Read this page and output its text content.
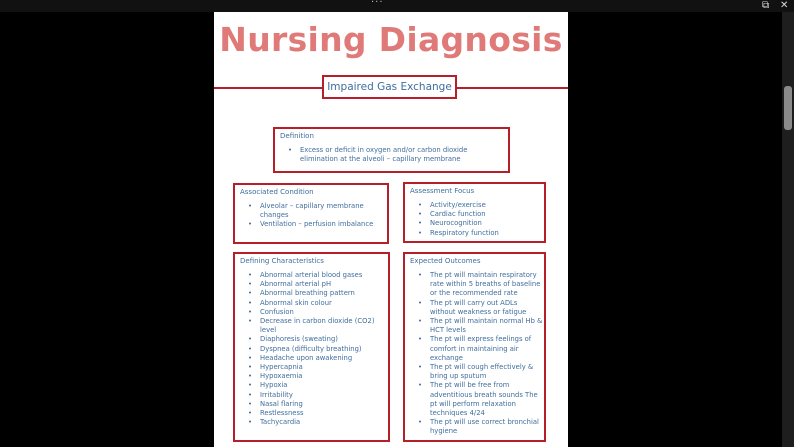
···	⧉ ✕
Nursing Diagnosis
Impaired Gas Exchange
Definition
• Excess or deficit in oxygen and/or carbon dioxide elimination at the alveoli – capillary membrane
Associated Condition
• Alveolar – capillary membrane changes
• Ventilation – perfusion imbalance
Assessment Focus
• Activity/exercise
• Cardiac function
• Neurocognition
• Respiratory function
Defining Characteristics
• Abnormal arterial blood gases
• Abnormal arterial pH
• Abnormal breathing pattern
• Abnormal skin colour
• Confusion
• Decrease in carbon dioxide (CO2) level
• Diaphoresis (sweating)
• Dyspnea (difficulty breathing)
• Headache upon awakening
• Hypercapnia
• Hypoxaemia
• Hypoxia
• Irritability
• Nasal flaring
• Restlessness
• Tachycardia
Expected Outcomes
• The pt will maintain respiratory rate within 5 breaths of baseline or the recommended rate
• The pt will carry out ADLs without weakness or fatigue
• The pt will maintain normal Hb & HCT levels
• The pt will express feelings of comfort in maintaining air exchange
• The pt will cough effectively & bring up sputum
• The pt will be free from adventitious breath sounds The pt will perform relaxation techniques 4/24
• The pt will use correct bronchial hygiene
